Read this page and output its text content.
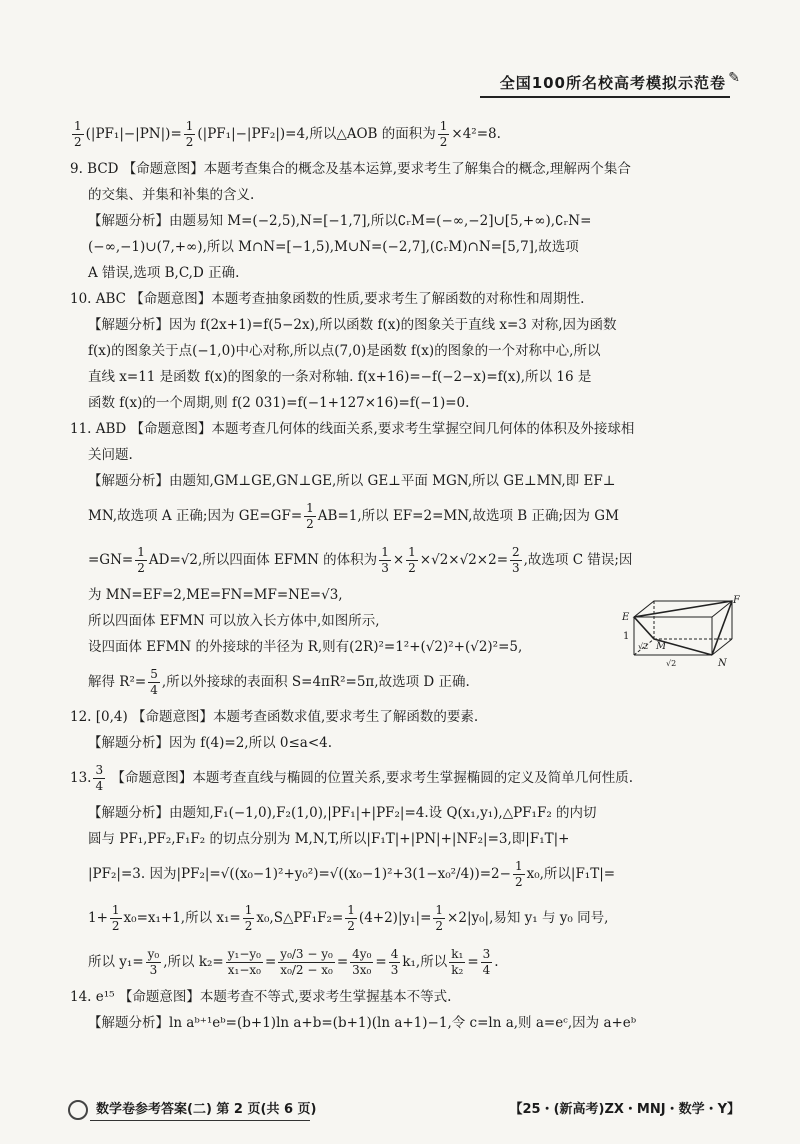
全国100所名校高考模拟示范卷 ✎
$\frac{1}{2} (|PF_1|-|PN|)= \frac{1}{2} (|PF_1|-|PF_2|)=4$,所以△AOB 的面积为 $\frac{1}{2} \times 4^2=8$.
9. BCD 【命题意图】本题考查集合的概念及基本运算,要求考生了解集合的概念,理解两个集合
的交集、并集和补集的含义.
【解题分析】由题易知 M=(−2,5),N=[−1,7],所以∁ᵣM=(−∞,−2]∪[5,+∞),∁ᵣN=
(−∞,−1)∪(7,+∞),所以 M∩N=[−1,5),M∪N=(−2,7],(∁ᵣM)∩N=[5,7],故选项
A 错误,选项 B,C,D 正确.
10. ABC 【命题意图】本题考查抽象函数的性质,要求考生了解函数的对称性和周期性.
【解题分析】因为 f(2x+1)=f(5−2x),所以函数 f(x)的图象关于直线 x=3 对称,因为函数
f(x)的图象关于点(−1,0)中心对称,所以点(7,0)是函数 f(x)的图象的一个对称中心,所以
直线 x=11 是函数 f(x)的图象的一条对称轴. f(x+16)=−f(−2−x)=f(x),所以 16 是
函数 f(x)的一个周期,则 f(2 031)=f(−1+127×16)=f(−1)=0.
11. ABD 【命题意图】本题考查几何体的线面关系,要求考生掌握空间几何体的体积及外接球相
关问题.
【解题分析】由题知,GM⊥GE,GN⊥GE,所以 GE⊥平面 MGN,所以 GE⊥MN,即 EF⊥
MN,故选项 A 正确;因为 $GE=GF= \frac{1}{2} AB=1$,所以 EF=2=MN,故选项 B 正确;因为 GM
$=GN= \frac{1}{2} AD=√2$,所以四面体 EFMN 的体积为 $\frac{1}{3} \times \frac{1}{2} \times√2\times√2\times 2= \frac{2}{3}$ ,故选项 C 错误;因
为 MN=EF=2,ME=FN=MF=NE=√3,
所以四面体 EFMN 可以放入长方体中,如图所示,
设四面体 EFMN 的外接球的半径为 R,则有(2R)²=1²+(√2)²+(√2)²=5,
解得 $R^2= \frac{5}{4}$ ,所以外接球的表面积 S=4πR²=5π,故选项 D 正确.
12. [0,4) 【命题意图】本题考查函数求值,要求考生了解函数的要素.
【解题分析】因为 f(4)=2,所以 0≤a<4.
13. $\frac{3}{4}$ 【命题意图】本题考查直线与椭圆的位置关系,要求考生掌握椭圆的定义及简单几何性质.
【解题分析】由题知,F₁(−1,0),F₂(1,0),|PF₁|+|PF₂|=4.设 Q(x₁,y₁),△PF₁F₂ 的内切
圆与 PF₁,PF₂,F₁F₂ 的切点分别为 M,N,T,所以|F₁T|+|PN|+|NF₂|=3,即|F₁T|+
|PF₂|=3. 因为$|PF_2|=√((x_0-1)^2+y_0^2)=√((x_0-1)^2+3(1-x_0^2/4))=2- \frac{1}{2} x_0$,所以|F₁T|=
$1+ \frac{1}{2} x_0=x_1+1$,所以 $x_1= \frac{1}{2}$ x₀,S△PF₁F₂= $\frac{1}{2} (4+2)|y_1|= \frac{1}{2} \times 2|y_0|$,易知 y₁ 与 y₀ 同号,
所以 $y_1= \frac{\text{y₀}}{3}$ ,所以 $k_2= \frac{\text{y₁−y₀}}{\text{x₁−x₀}} = \frac{\text{y₀/3 − y₀}}{\text{x₀/2 − x₀}} = \frac{\text{4y₀}}{\text{3x₀}} = \frac{4}{3} k_1$,所以 $\frac{\text{k₁}}{\text{k₂}} = \frac{3}{4}$ .
14. e¹⁵ 【命题意图】本题考查不等式,要求考生掌握基本不等式.
【解题分析】ln aᵇ⁺¹eᵇ=(b+1)ln a+b=(b+1)(ln a+1)−1,令 c=ln a,则 a=eᶜ,因为 a+eᵇ
E
F
M
N
1
√2
√2
数学卷参考答案(二) 第 2 页(共 6 页)	【25・(新高考)ZX・MNJ・数学・Y】
